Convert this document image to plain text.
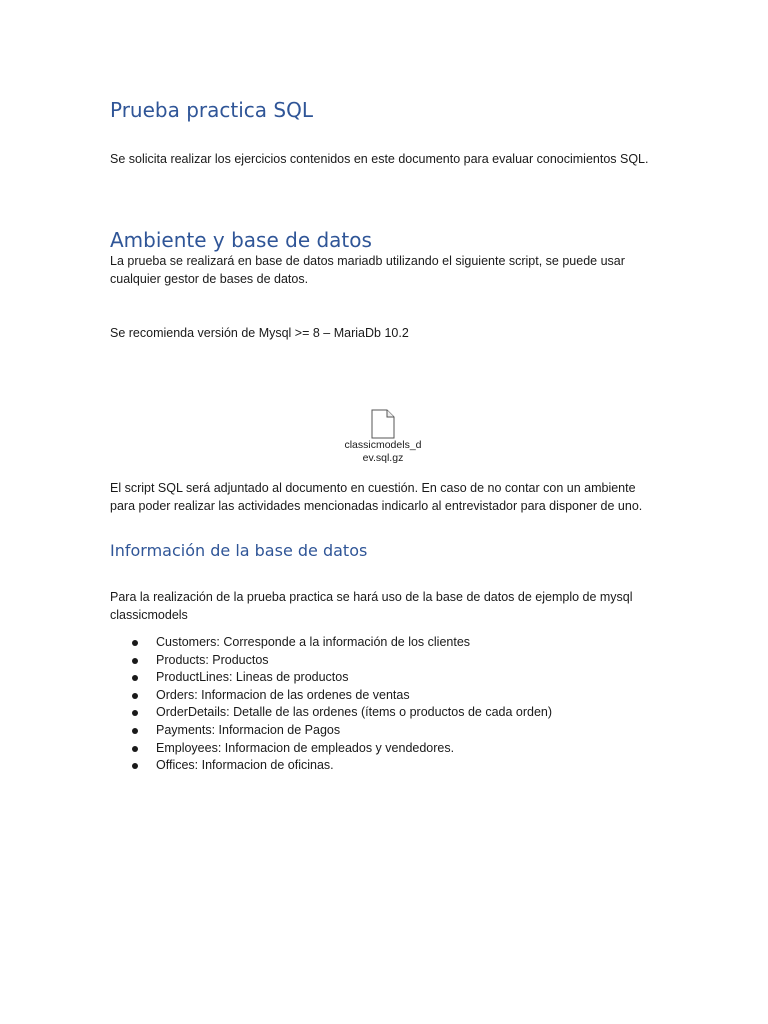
Prueba practica SQL

Se solicita realizar los ejercicios contenidos en este documento para evaluar conocimientos SQL.

Ambiente y base de datos

La prueba se realizará en base de datos mariadb utilizando el siguiente script, se puede usar cualquier gestor de bases de datos.

Se recomienda versión de Mysql >= 8 – MariaDb 10.2

classicmodels_dev.sql.gz

El script SQL será adjuntado al documento en cuestión. En caso de no contar con un ambiente para poder realizar las actividades mencionadas indicarlo al entrevistador para disponer de uno.

Información de la base de datos

Para la realización de la prueba practica se hará uso de la base de datos de ejemplo de mysql classicmodels

Customers: Corresponde a la información de los clientes
Products: Productos
ProductLines: Lineas de productos
Orders: Informacion de las ordenes de ventas
OrderDetails: Detalle de las ordenes (ítems o productos de cada orden)
Payments: Informacion de Pagos
Employees: Informacion de empleados y vendedores.
Offices: Informacion de oficinas.
